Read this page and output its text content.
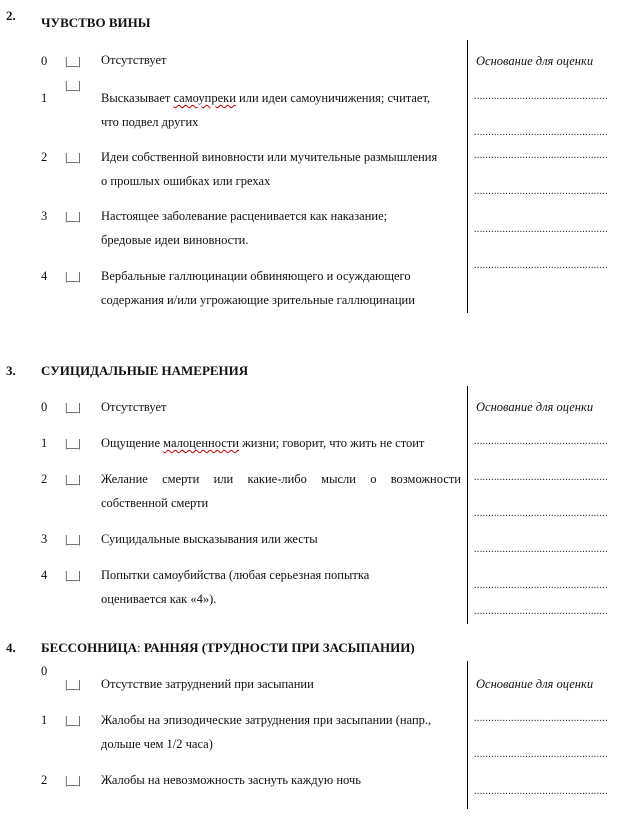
2. ЧУВСТВО ВИНЫ
Основание для оценки
0 |__| Отсутствует
|__|
1	Высказывает самоупреки или идеи самоуничижения; считает,
что подвел других
2 |__| Идеи собственной виновности или мучительные размышления
о прошлых ошибках или грехах
3 |__| Настоящее заболевание расценивается как наказание;
бредовые идеи виновности.
4 |__| Вербальные галлюцинации обвиняющего и осуждающего
содержания и/или угрожающие зрительные галлюцинации
...............................................
...............................................
...............................................
...............................................
...............................................
...............................................
3. СУИЦИДАЛЬНЫЕ НАМЕРЕНИЯ
Основание для оценки
0 |__| Отсутствует
1 |__| Ощущение малоценности жизни; говорит, что жить не стоит
2 |__| Желание смерти или какие-либо мысли о возможности
собственной смерти
3 |__| Суицидальные высказывания или жесты
4 |__| Попытки самоубийства (любая серьезная попытка
оценивается как «4»).
...............................................
...............................................
...............................................
...............................................
...............................................
...............................................
4. БЕССОННИЦА: РАННЯЯ (ТРУДНОСТИ ПРИ ЗАСЫПАНИИ)
Основание для оценки
0
|__| Отсутствие затруднений при засыпании
1 |__| Жалобы на эпизодические затруднения при засыпании (напр.,
дольше чем 1/2 часа)
2 |__| Жалобы на невозможность заснуть каждую ночь
...............................................
...............................................
...............................................
